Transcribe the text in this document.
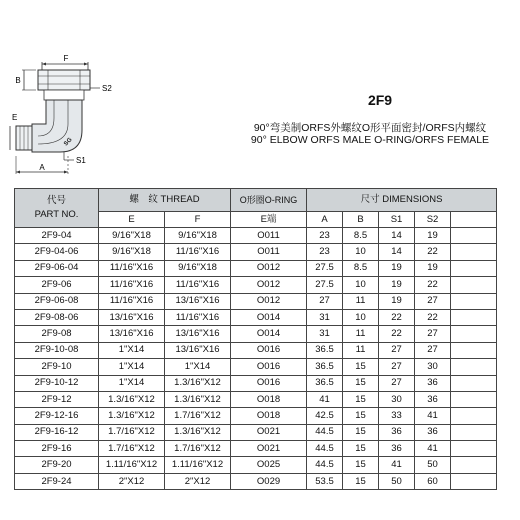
F
B
S2
SG
E
S1
A
2F9
90°弯美制ORFS外螺纹O形平面密封/ORFS内螺纹
90° ELBOW ORFS MALE O-RING/ORFS FEMALE
代号
PART NO.	螺　纹 THREAD		O形圈O-RING	尺寸 DIMENSIONS				
	E	F	E端	A	B	S1	S2	
2F9-04	9/16"X18	9/16"X18	O011	23	8.5	14	19	
2F9-04-06	9/16"X18	11/16"X16	O011	23	10	14	22	
2F9-06-04	11/16"X16	9/16"X18	O012	27.5	8.5	19	19	
2F9-06	11/16"X16	11/16"X16	O012	27.5	10	19	22	
2F9-06-08	11/16"X16	13/16"X16	O012	27	11	19	27	
2F9-08-06	13/16"X16	11/16"X16	O014	31	10	22	22	
2F9-08	13/16"X16	13/16"X16	O014	31	11	22	27	
2F9-10-08	1"X14	13/16"X16	O016	36.5	11	27	27	
2F9-10	1"X14	1"X14	O016	36.5	15	27	30	
2F9-10-12	1"X14	1.3/16"X12	O016	36.5	15	27	36	
2F9-12	1.3/16"X12	1.3/16"X12	O018	41	15	30	36	
2F9-12-16	1.3/16"X12	1.7/16"X12	O018	42.5	15	33	41	
2F9-16-12	1.7/16"X12	1.3/16"X12	O021	44.5	15	36	36	
2F9-16	1.7/16"X12	1.7/16"X12	O021	44.5	15	36	41	
2F9-20	1.11/16"X12	1.11/16"X12	O025	44.5	15	41	50	
2F9-24	2"X12	2"X12	O029	53.5	15	50	60	
